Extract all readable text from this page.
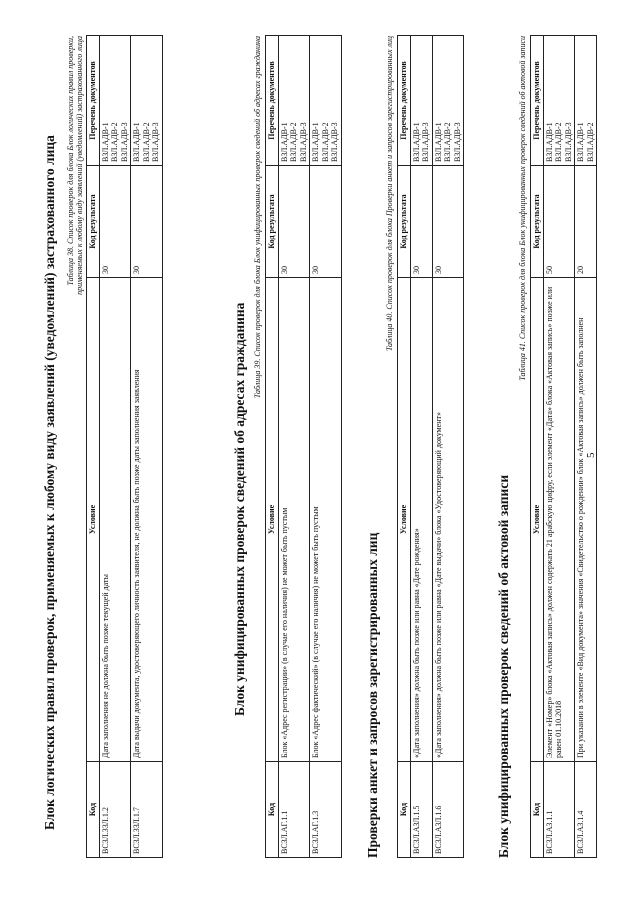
5
Блок логических правил проверок, применяемых к любому виду заявлений (уведомлений) застрахованного лица Таблица 38. Список проверок для блока Блок логических правил проверки, применяемых к любому виду заявлений (уведомлений) застрахованного лица
Код	Условие	Код результата	Перечень документов
ВСЗЛ.ЗЗЛ.1.2	Дата заполнения не должна быть позже текущей даты	30	ВЗЛ.АДВ-1 ВЗЛ.АДВ-2 ВЗЛ.АДВ-3

ВСЗЛ.ЗЗЛ.1.7	Дата выдачи документа, удостоверяющего личность заявителя, не должна быть позже даты заполнения заявления	30	ВЗЛ.АДВ-1 ВЗЛ.АДВ-2 ВЗЛ.АДВ-3
Блок унифицированных проверок сведений об адресах гражданина
Таблица 39. Список проверок для блока Блок унифицированных проверок сведений об адресах гражданина
Код	Условие	Код результата	Перечень документов
ВСЗЛ.АГ.1.1	Блок «Адрес регистрации» (в случае его наличия) не может быть пустым	30	ВЗЛ.АДВ-1 ВЗЛ.АДВ-2 ВЗЛ.АДВ-3

ВСЗЛ.АГ.1.3	Блок «Адрес фактический» (в случае его наличия) не может быть пустым	30	ВЗЛ.АДВ-1 ВЗЛ.АДВ-2 ВЗЛ.АДВ-3
Проверки анкет и запросов зарегистрированных лиц
Таблица 40. Список проверок для блока Проверки анкет и запросов зарегистрированных лиц
Код	Условие	Код результата	Перечень документов
ВСЗЛ.АЗЛ.1.5	«Дата заполнения» должна быть позже или равна «Дате рождения»	30	ВЗЛ.АДВ-1 ВЗЛ.АДВ-3

ВСЗЛ.АЗЛ.1.6	«Дата заполнения» должна быть позже или равна «Дате выдачи» блока «Удостоверяющий документ»	30	ВЗЛ.АДВ-1 ВЗЛ.АДВ-2 ВЗЛ.АДВ-3
Блок унифицированных проверок сведений об актовой записи
Таблица 41. Список проверок для блока Блок унифицированных проверок сведений об актовой записи
Код	Условие	Код результата	Перечень документов
ВСЗЛ.АЗ.1.1	Элемент «Номер» блока «Актовая запись» должен содержать 21 арабскую цифру, если элемент «Дата» блока «Актовая запись» позже или равен 01.10.2018	50	ВЗЛ.АДВ-1 ВЗЛ.АДВ-2 ВЗЛ.АДВ-3

ВСЗЛ.АЗ.1.4	При указании в элементе «Вид документа» значения «Свидетельство о рождении» блок «Актовая запись» должен быть заполнен	20	ВЗЛ.АДВ-1 ВЗЛ.АДВ-2
